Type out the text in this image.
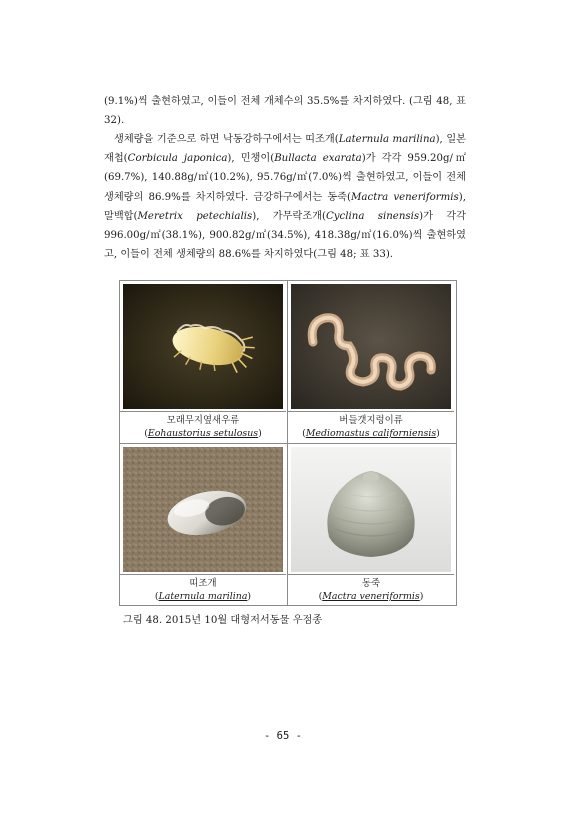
(9.1%)씩 출현하였고, 이들이 전체 개체수의 35.5%를 차지하였다. (그림 48, 표 32).

생체량을 기준으로 하면 낙동강하구에서는 띠조개(Laternula marilina), 일본재첩(Corbicula japonica), 민챙이(Bullacta exarata)가 각각 959.20g/㎡(69.7%), 140.88g/㎡(10.2%), 95.76g/㎡(7.0%)씩 출현하였고, 이들이 전체 생체량의 86.9%를 차지하였다. 금강하구에서는 동죽(Mactra veneriformis), 말백합(Meretrix petechialis), 가무락조개(Cyclina sinensis)가 각각 996.00g/㎡(38.1%), 900.82g/㎡(34.5%), 418.38g/㎡(16.0%)씩 출현하였고, 이들이 전체 생체량의 88.6%를 차지하였다(그림 48; 표 33).

모래무지옆새우류
(Eohaustorius setulosus)
버들갯지렁이류
(Mediomastus californiensis)
띠조개
(Laternula marilina)
동죽
(Mactra veneriformis)
그림 48. 2015년 10월 대형저서동물 우점종
- 65 -
